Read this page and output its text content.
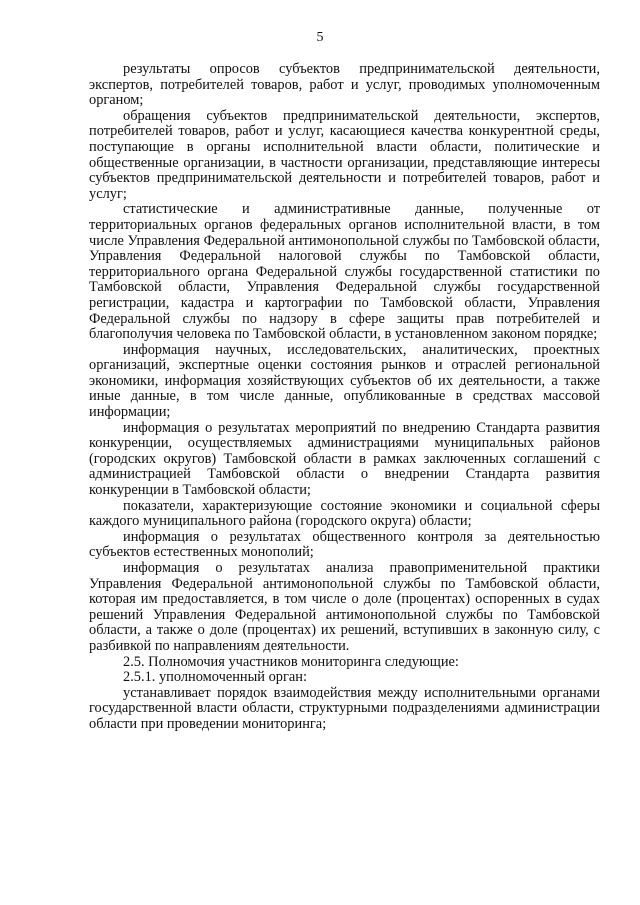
5

результаты опросов субъектов предпринимательской деятельности, экспертов, потребителей товаров, работ и услуг, проводимых уполномоченным органом;

обращения субъектов предпринимательской деятельности, экспертов, потребителей товаров, работ и услуг, касающиеся качества конкурентной среды, поступающие в органы исполнительной власти области, политические и общественные организации, в частности организации, представляющие интересы субъектов предпринимательской деятельности и потребителей товаров, работ и услуг;

статистические и административные данные, полученные от территориальных органов федеральных органов исполнительной власти, в том числе Управления Федеральной антимонопольной службы по Тамбовской области, Управления Федеральной налоговой службы по Тамбовской области, территориального органа Федеральной службы государственной статистики по Тамбовской области, Управления Федеральной службы государственной регистрации, кадастра и картографии по Тамбовской области, Управления Федеральной службы по надзору в сфере защиты прав потребителей и благополучия человека по Тамбовской области, в установленном законом порядке;

информация научных, исследовательских, аналитических, проектных организаций, экспертные оценки состояния рынков и отраслей региональной экономики, информация хозяйствующих субъектов об их деятельности, а также иные данные, в том числе данные, опубликованные в средствах массовой информации;

информация о результатах мероприятий по внедрению Стандарта развития конкуренции, осуществляемых администрациями муниципальных районов (городских округов) Тамбовской области в рамках заключенных соглашений с администрацией Тамбовской области о внедрении Стандарта развития конкуренции в Тамбовской области;

показатели, характеризующие состояние экономики и социальной сферы каждого муниципального района (городского округа) области;

информация о результатах общественного контроля за деятельностью субъектов естественных монополий;

информация о результатах анализа правоприменительной практики Управления Федеральной антимонопольной службы по Тамбовской области, которая им предоставляется, в том числе о доле (процентах) оспоренных в судах решений Управления Федеральной антимонопольной службы по Тамбовской области, а также о доле (процентах) их решений, вступивших в законную силу, с разбивкой по направлениям деятельности.

2.5. Полномочия участников мониторинга следующие:

2.5.1. уполномоченный орган:

устанавливает порядок взаимодействия между исполнительными органами государственной власти области, структурными подразделениями администрации области при проведении мониторинга;
